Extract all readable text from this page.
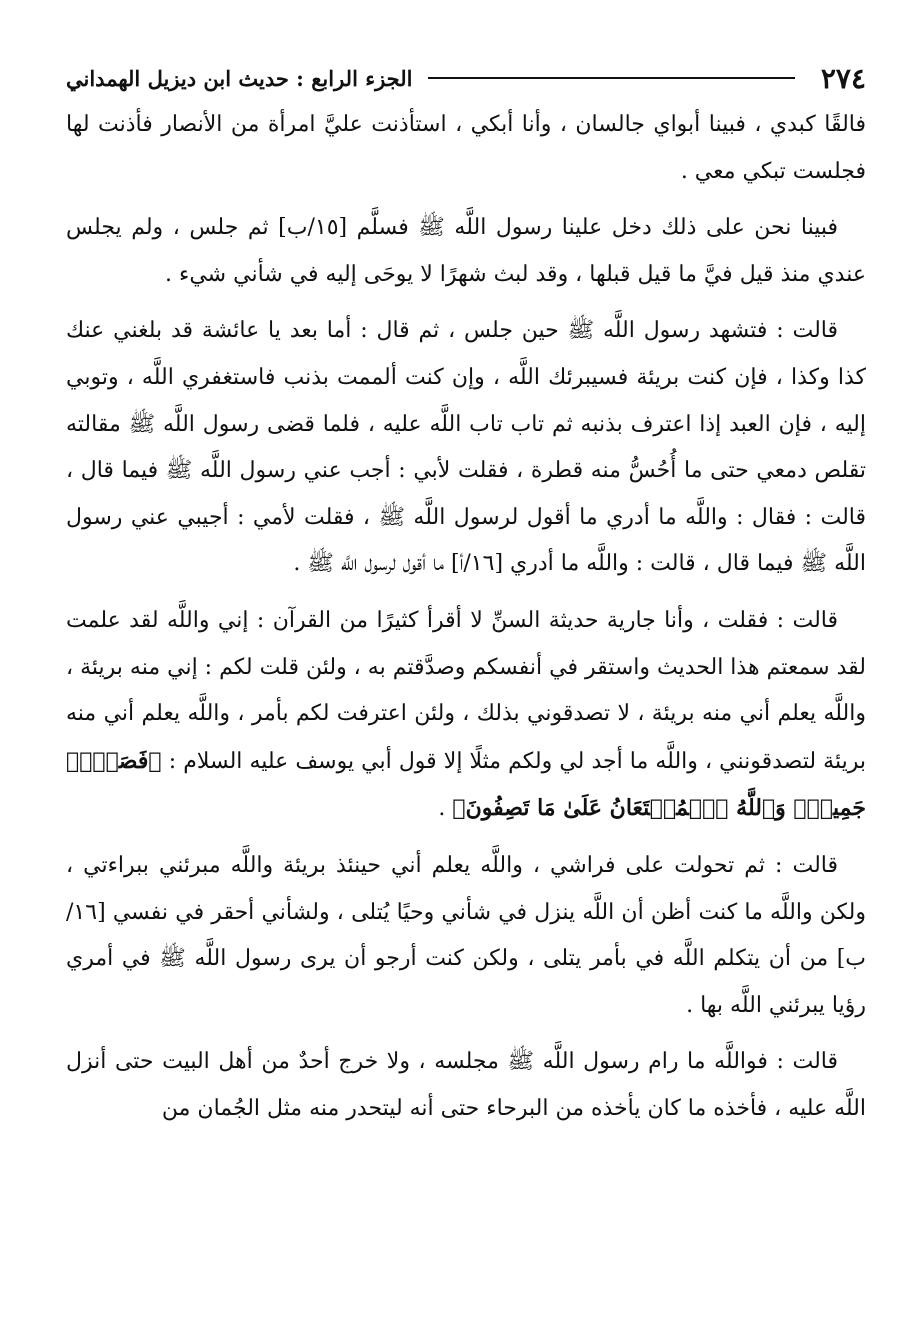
٢٧٤
الجزء الرابع : حديث ابن ديزيل الهمداني

فالقًا كبدي ، فبينا أبواي جالسان ، وأنا أبكي ، استأذنت عليَّ امرأة من الأنصار فأذنت لها فجلست تبكي معي .

فبينا نحن على ذلك دخل علينا رسول اللَّه ﷺ فسلَّم [١٥/ب] ثم جلس ، ولم يجلس عندي منذ قيل فيَّ ما قيل قبلها ، وقد لبث شهرًا لا يوحَى إليه في شأني شيء .

قالت : فتشهد رسول اللَّه ﷺ حين جلس ، ثم قال : أما بعد يا عائشة قد بلغني عنك كذا وكذا ، فإن كنت بريئة فسيبرئك اللَّه ، وإن كنت ألممت بذنب فاستغفري اللَّه ، وتوبي إليه ، فإن العبد إذا اعترف بذنبه ثم تاب تاب اللَّه عليه ، فلما قضى رسول اللَّه ﷺ مقالته تقلص دمعي حتى ما أُحُسُّ منه قطرة ، فقلت لأبي : أجب عني رسول اللَّه ﷺ فيما قال ، قالت : فقال : واللَّه ما أدري ما أقول لرسول اللَّه ﷺ ، فقلت لأمي : أجيبي عني رسول اللَّه ﷺ فيما قال ، قالت : واللَّه ما أدري [١٦/أ] ما أقول لرسول اللَّه ﷺ .

قالت : فقلت ، وأنا جارية حديثة السنِّ لا أقرأ كثيرًا من القرآن : إني واللَّه لقد علمت لقد سمعتم هذا الحديث واستقر في أنفسكم وصدَّقتم به ، ولئن قلت لكم : إني منه بريئة ، واللَّه يعلم أني منه بريئة ، لا تصدقوني بذلك ، ولئن اعترفت لكم بأمر ، واللَّه يعلم أني منه بريئة لتصدقونني ، واللَّه ما أجد لي ولكم مثلًا إلا قول أبي يوسف عليه السلام : ﴿فَصَبۡرٞ جَمِيلٞۖ وَٱللَّهُ ٱلۡمُسۡتَعَانُ عَلَىٰ مَا تَصِفُونَ﴾ .

قالت : ثم تحولت على فراشي ، واللَّه يعلم أني حينئذ بريئة واللَّه مبرئني ببراءتي ، ولكن واللَّه ما كنت أظن أن اللَّه ينزل في شأني وحيًا يُتلى ، ولشأني أحقر في نفسي [١٦/ب] من أن يتكلم اللَّه في بأمر يتلى ، ولكن كنت أرجو أن يرى رسول اللَّه ﷺ في أمري رؤيا يبرئني اللَّه بها .

قالت : فواللَّه ما رام رسول اللَّه ﷺ مجلسه ، ولا خرج أحدٌ من أهل البيت حتى أنزل اللَّه عليه ، فأخذه ما كان يأخذه من البرحاء حتى أنه ليتحدر منه مثل الجُمان من
